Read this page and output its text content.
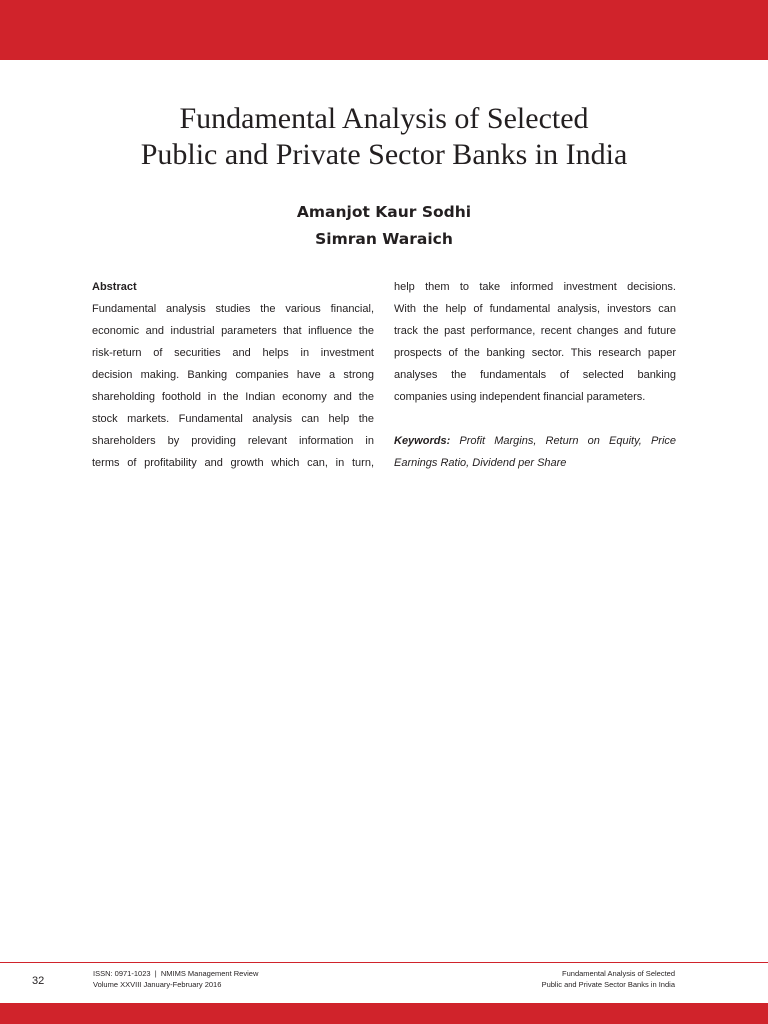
Fundamental Analysis of Selected
Public and Private Sector Banks in India
Amanjot Kaur Sodhi
Simran Waraich
Abstract
Fundamental analysis studies the various financial,
economic and industrial parameters that influence the
risk-return of securities and helps in investment
decision making. Banking companies have a strong
shareholding foothold in the Indian economy and the
stock markets. Fundamental analysis can help the
shareholders by providing relevant information in
terms of profitability and growth which can, in turn,
help them to take informed investment decisions.
With the help of fundamental analysis, investors can
track the past performance, recent changes and future
prospects of the banking sector. This research paper
analyses the fundamentals of selected banking
companies using independent financial parameters.
Keywords: Profit Margins, Return on Equity, Price
Earnings Ratio, Dividend per Share
32
ISSN: 0971-1023  |  NMIMS Management Review
Volume XXVIII January-February 2016
Fundamental Analysis of Selected
Public and Private Sector Banks in India
